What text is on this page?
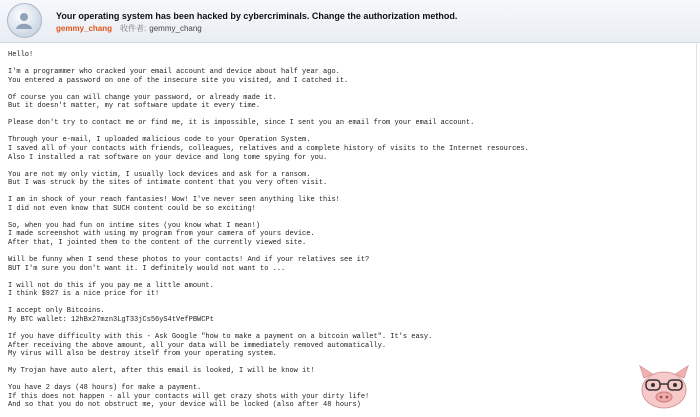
Your operating system has been hacked by cybercriminals. Change the authorization method.
gemmy_chang 收件者: gemmy_chang
Hello!

I'm a programmer who cracked your email account and device about half year ago.
You entered a password on one of the insecure site you visited, and I catched it.

Of course you can will change your password, or already made it.
But it doesn't matter, my rat software update it every time.

Please don't try to contact me or find me, it is impossible, since I sent you an email from your email account.

Through your e-mail, I uploaded malicious code to your Operation System.
I saved all of your contacts with friends, colleagues, relatives and a complete history of visits to the Internet resources.
Also I installed a rat software on your device and long tome spying for you.

You are not my only victim, I usually lock devices and ask for a ransom.
But I was struck by the sites of intimate content that you very often visit.

I am in shock of your reach fantasies! Wow! I've never seen anything like this!
I did not even know that SUCH content could be so exciting!

So, when you had fun on intime sites (you know what I mean!)
I made screenshot with using my program from your camera of yours device.
After that, I jointed them to the content of the currently viewed site.

Will be funny when I send these photos to your contacts! And if your relatives see it?
BUT I'm sure you don't want it. I definitely would not want to ...

I will not do this if you pay me a little amount.
I think $927 is a nice price for it!

I accept only Bitcoins.
My BTC wallet: 12hBx27mzn3LgT33jCs56yS4tVefPBWCPt

If you have difficulty with this - Ask Google "how to make a payment on a bitcoin wallet". It's easy.
After receiving the above amount, all your data will be immediately removed automatically.
My virus will also be destroy itself from your operating system.

My Trojan have auto alert, after this email is looked, I will be know it!

You have 2 days (48 hours) for make a payment.
If this does not happen - all your contacts will get crazy shots with your dirty life!
And so that you do not obstruct me, your device will be locked (also after 48 hours)
